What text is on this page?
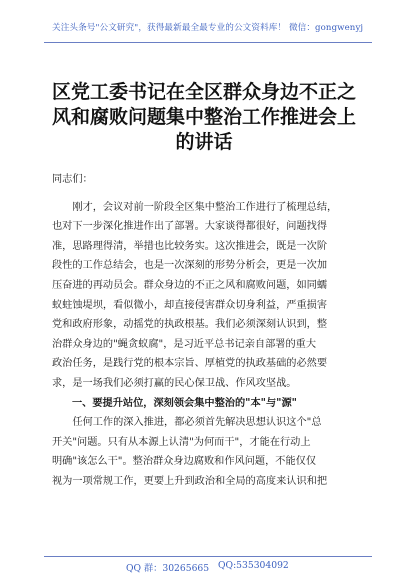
关注头条号"公文研究"，获得最新最全最专业的公文资料库！ 微信：gongwenyj
区党工委书记在全区群众身边不正之
风和腐败问题集中整治工作推进会上
的讲话

同志们：

　　刚才，会议对前一阶段全区集中整治工作进行了梳理总结，
也对下一步深化推进作出了部署。大家谈得都很好，问题找得
准，思路理得清，举措也比较务实。这次推进会，既是一次阶
段性的工作总结会，也是一次深刻的形势分析会，更是一次加
压奋进的再动员会。群众身边的不正之风和腐败问题，如同蠕
蚁蛀蚀堤坝，看似微小，却直接侵害群众切身利益，严重损害
党和政府形象，动摇党的执政根基。我们必须深刻认识到，整
治群众身边的"蝇贪蚁腐"，是习近平总书记亲自部署的重大
政治任务，是践行党的根本宗旨、厚植党的执政基础的必然要
求，是一场我们必须打赢的民心保卫战、作风攻坚战。

一、要提升站位，深刻领会集中整治的"本"与"源"

　　任何工作的深入推进，都必须首先解决思想认识这个"总
开关"问题。只有从本源上认清"为何而干"，才能在行动上
明确"该怎么干"。整治群众身边腐败和作风问题，不能仅仅
视为一项常规工作，更要上升到政治和全局的高度来认识和把

QQ 群：30265665 QQ:535304092
